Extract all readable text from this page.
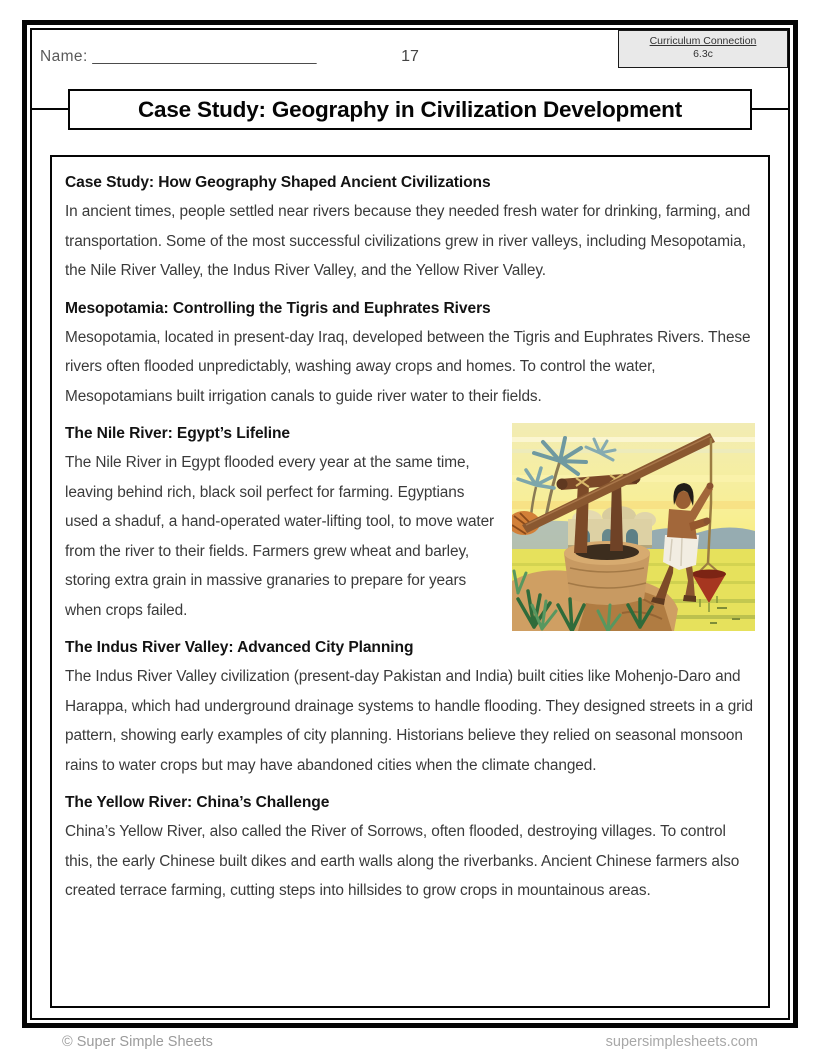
Name: __________________________	17
Curriculum Connection
6.3c
Case Study: Geography in Civilization Development
Case Study: How Geography Shaped Ancient Civilizations
In ancient times, people settled near rivers because they needed fresh water for drinking, farming, and transportation. Some of the most successful civilizations grew in river valleys, including Mesopotamia, the Nile River Valley, the Indus River Valley, and the Yellow River Valley.
Mesopotamia: Controlling the Tigris and Euphrates Rivers
Mesopotamia, located in present-day Iraq, developed between the Tigris and Euphrates Rivers. These rivers often flooded unpredictably, washing away crops and homes. To control the water, Mesopotamians built irrigation canals to guide river water to their fields.
The Nile River: Egypt’s Lifeline
The Nile River in Egypt flooded every year at the same time, leaving behind rich, black soil perfect for farming. Egyptians used a shaduf, a hand-operated water-lifting tool, to move water from the river to their fields. Farmers grew wheat and barley, storing extra grain in massive granaries to prepare for years when crops failed.
The Indus River Valley: Advanced City Planning
The Indus River Valley civilization (present-day Pakistan and India) built cities like Mohenjo-Daro and Harappa, which had underground drainage systems to handle flooding. They designed streets in a grid pattern, showing early examples of city planning. Historians believe they relied on seasonal monsoon rains to water crops but may have abandoned cities when the climate changed.
The Yellow River: China’s Challenge
China’s Yellow River, also called the River of Sorrows, often flooded, destroying villages. To control this, the early Chinese built dikes and earth walls along the riverbanks. Ancient Chinese farmers also created terrace farming, cutting steps into hillsides to grow crops in mountainous areas.
© Super Simple Sheets	supersimplesheets.com
